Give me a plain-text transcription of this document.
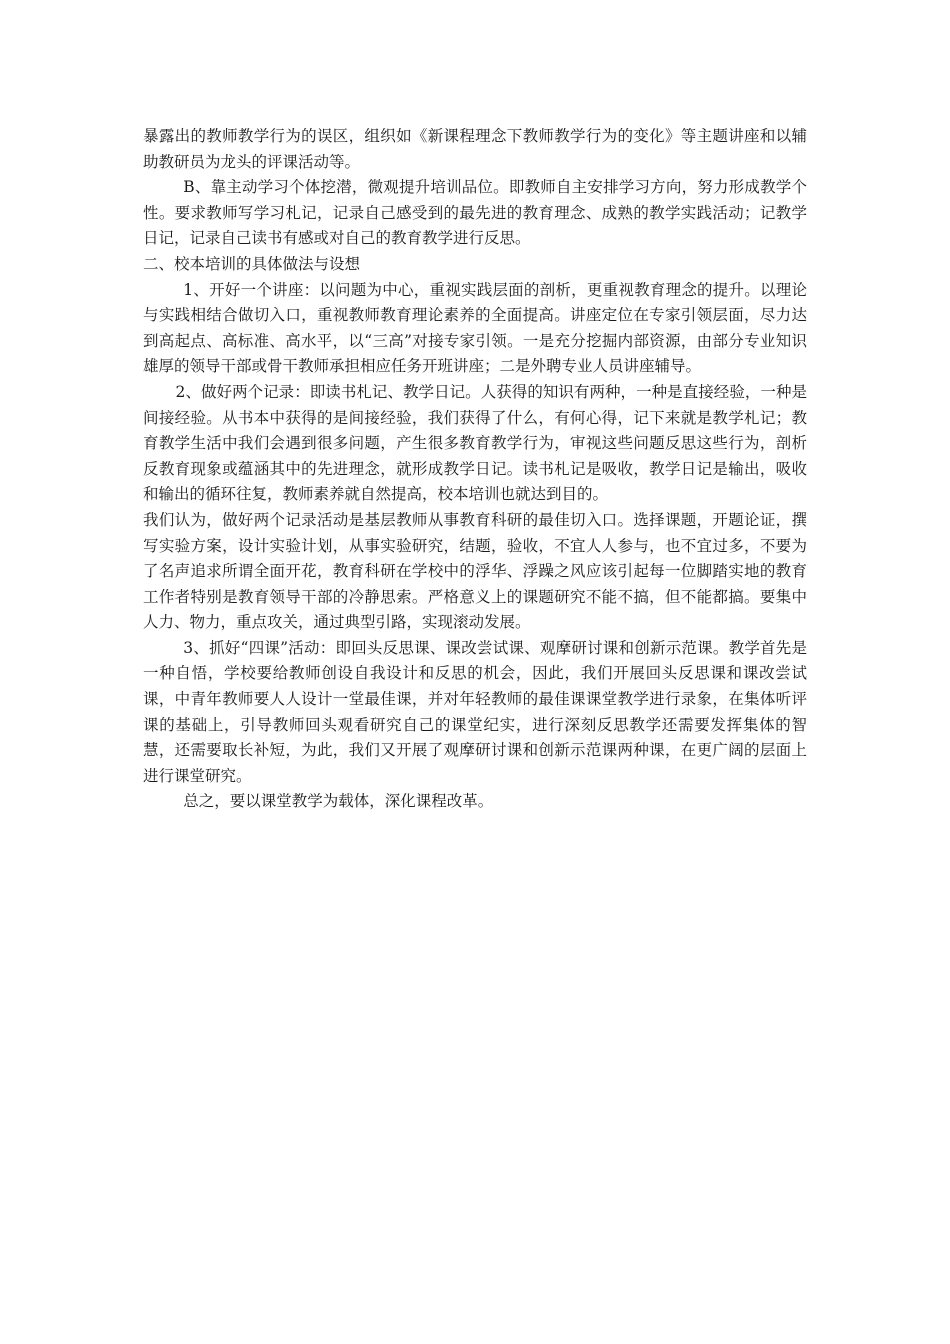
暴露出的教师教学行为的误区，组织如《新课程理念下教师教学行为的变化》等主题讲座和以辅助教研员为龙头的评课活动等。

B、靠主动学习个体挖潜，微观提升培训品位。即教师自主安排学习方向，努力形成教学个性。要求教师写学习札记，记录自己感受到的最先进的教育理念、成熟的教学实践活动；记教学日记，记录自己读书有感或对自己的教育教学进行反思。

二、校本培训的具体做法与设想

1、开好一个讲座：以问题为中心，重视实践层面的剖析，更重视教育理念的提升。以理论与实践相结合做切入口，重视教师教育理论素养的全面提高。讲座定位在专家引领层面，尽力达到高起点、高标准、高水平，以“三高”对接专家引领。一是充分挖掘内部资源，由部分专业知识雄厚的领导干部或骨干教师承担相应任务开班讲座；二是外聘专业人员讲座辅导。

2、做好两个记录：即读书札记、教学日记。人获得的知识有两种，一种是直接经验，一种是间接经验。从书本中获得的是间接经验，我们获得了什么，有何心得，记下来就是教学札记；教育教学生活中我们会遇到很多问题，产生很多教育教学行为，审视这些问题反思这些行为，剖析反教育现象或蕴涵其中的先进理念，就形成教学日记。读书札记是吸收，教学日记是输出，吸收和输出的循环往复，教师素养就自然提高，校本培训也就达到目的。

我们认为，做好两个记录活动是基层教师从事教育科研的最佳切入口。选择课题，开题论证，撰写实验方案，设计实验计划，从事实验研究，结题，验收，不宜人人参与，也不宜过多，不要为了名声追求所谓全面开花，教育科研在学校中的浮华、浮躁之风应该引起每一位脚踏实地的教育工作者特别是教育领导干部的冷静思索。严格意义上的课题研究不能不搞，但不能都搞。要集中人力、物力，重点攻关，通过典型引路，实现滚动发展。

3、抓好“四课”活动：即回头反思课、课改尝试课、观摩研讨课和创新示范课。教学首先是一种自悟，学校要给教师创设自我设计和反思的机会，因此，我们开展回头反思课和课改尝试课，中青年教师要人人设计一堂最佳课，并对年轻教师的最佳课课堂教学进行录象，在集体听评课的基础上，引导教师回头观看研究自己的课堂纪实，进行深刻反思教学还需要发挥集体的智慧，还需要取长补短，为此，我们又开展了观摩研讨课和创新示范课两种课，在更广阔的层面上进行课堂研究。

总之，要以课堂教学为载体，深化课程改革。
